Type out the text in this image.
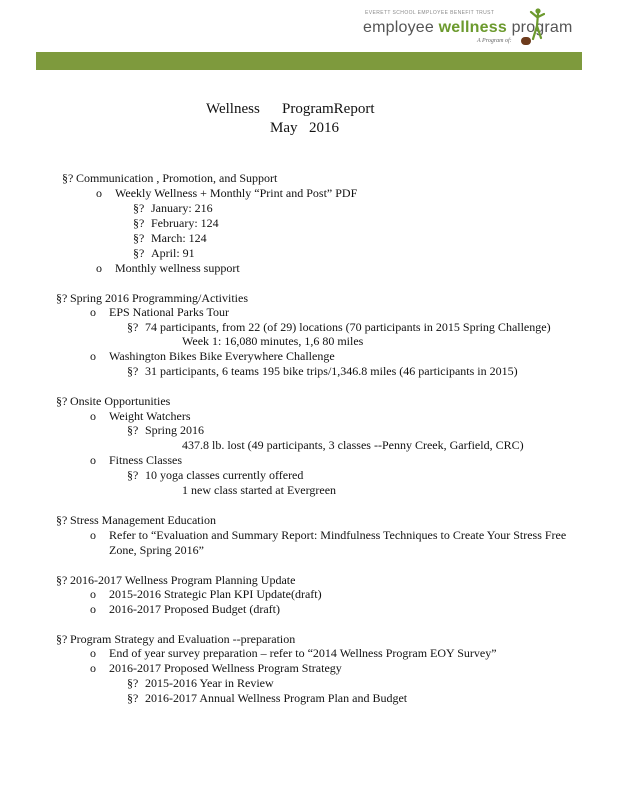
EVERETT SCHOOL EMPLOYEE BENEFIT TRUST
employee wellness program
A Program of:
Wellness ProgramReport
May 2016
§? Communication , Promotion, and Support
o Weekly Wellness + Monthly “Print and Post” PDF
§? January: 216
§? February: 124
§? March: 124
§? April: 91
o Monthly wellness support
§? Spring 2016 Programming/Activities
o EPS National Parks Tour
§? 74 participants, from 22 (of 29) locations (70 participants in 2015 Spring Challenge)
Week 1: 16,080 minutes, 1,6 80 miles
o Washington Bikes Bike Everywhere Challenge
§? 31 participants, 6 teams 195 bike trips/1,346.8 miles (46 participants in 2015)
§? Onsite Opportunities
o Weight Watchers
§? Spring 2016
437.8 lb. lost (49 participants, 3 classes --Penny Creek, Garfield, CRC)
o Fitness Classes
§? 10 yoga classes currently offered
1 new class started at Evergreen
§? Stress Management Education
o Refer to “Evaluation and Summary Report: Mindfulness Techniques to Create Your Stress Free
Zone, Spring 2016”
§? 2016-2017 Wellness Program Planning Update
o 2015-2016 Strategic Plan KPI Update(draft)
o 2016-2017 Proposed Budget (draft)
§? Program Strategy and Evaluation --preparation
o End of year survey preparation – refer to “2014 Wellness Program EOY Survey”
o 2016-2017 Proposed Wellness Program Strategy
§? 2015-2016 Year in Review
§? 2016-2017 Annual Wellness Program Plan and Budget
